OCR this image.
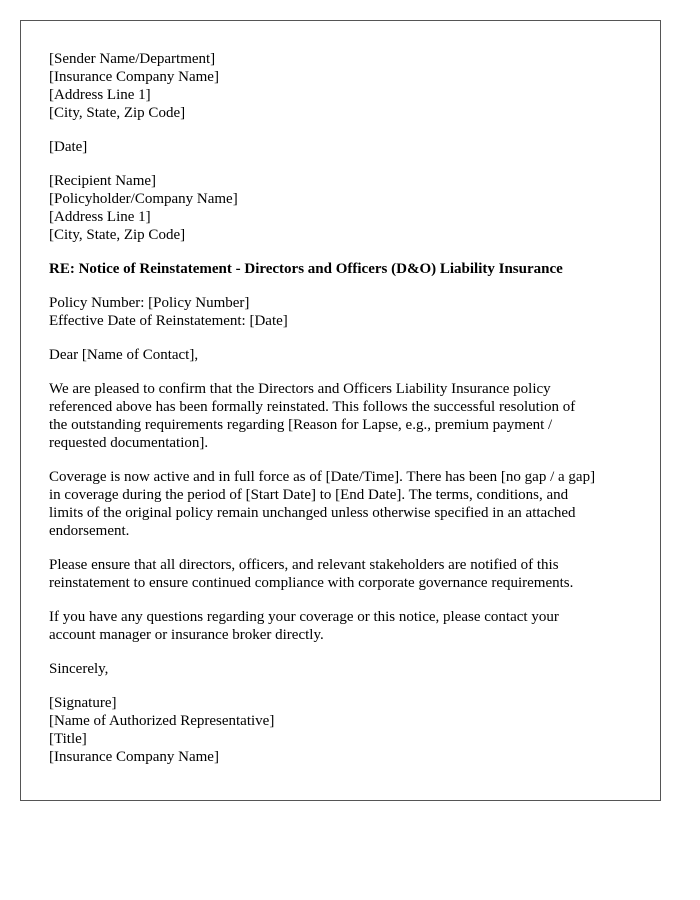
[Sender Name/Department]
[Insurance Company Name]
[Address Line 1]
[City, State, Zip Code]
[Date]
[Recipient Name]
[Policyholder/Company Name]
[Address Line 1]
[City, State, Zip Code]
RE: Notice of Reinstatement - Directors and Officers (D&O) Liability Insurance
Policy Number: [Policy Number]
Effective Date of Reinstatement: [Date]
Dear [Name of Contact],
We are pleased to confirm that the Directors and Officers Liability Insurance policy
referenced above has been formally reinstated. This follows the successful resolution of
the outstanding requirements regarding [Reason for Lapse, e.g., premium payment /
requested documentation].
Coverage is now active and in full force as of [Date/Time]. There has been [no gap / a gap]
in coverage during the period of [Start Date] to [End Date]. The terms, conditions, and
limits of the original policy remain unchanged unless otherwise specified in an attached
endorsement.
Please ensure that all directors, officers, and relevant stakeholders are notified of this
reinstatement to ensure continued compliance with corporate governance requirements.
If you have any questions regarding your coverage or this notice, please contact your
account manager or insurance broker directly.
Sincerely,
[Signature]
[Name of Authorized Representative]
[Title]
[Insurance Company Name]
